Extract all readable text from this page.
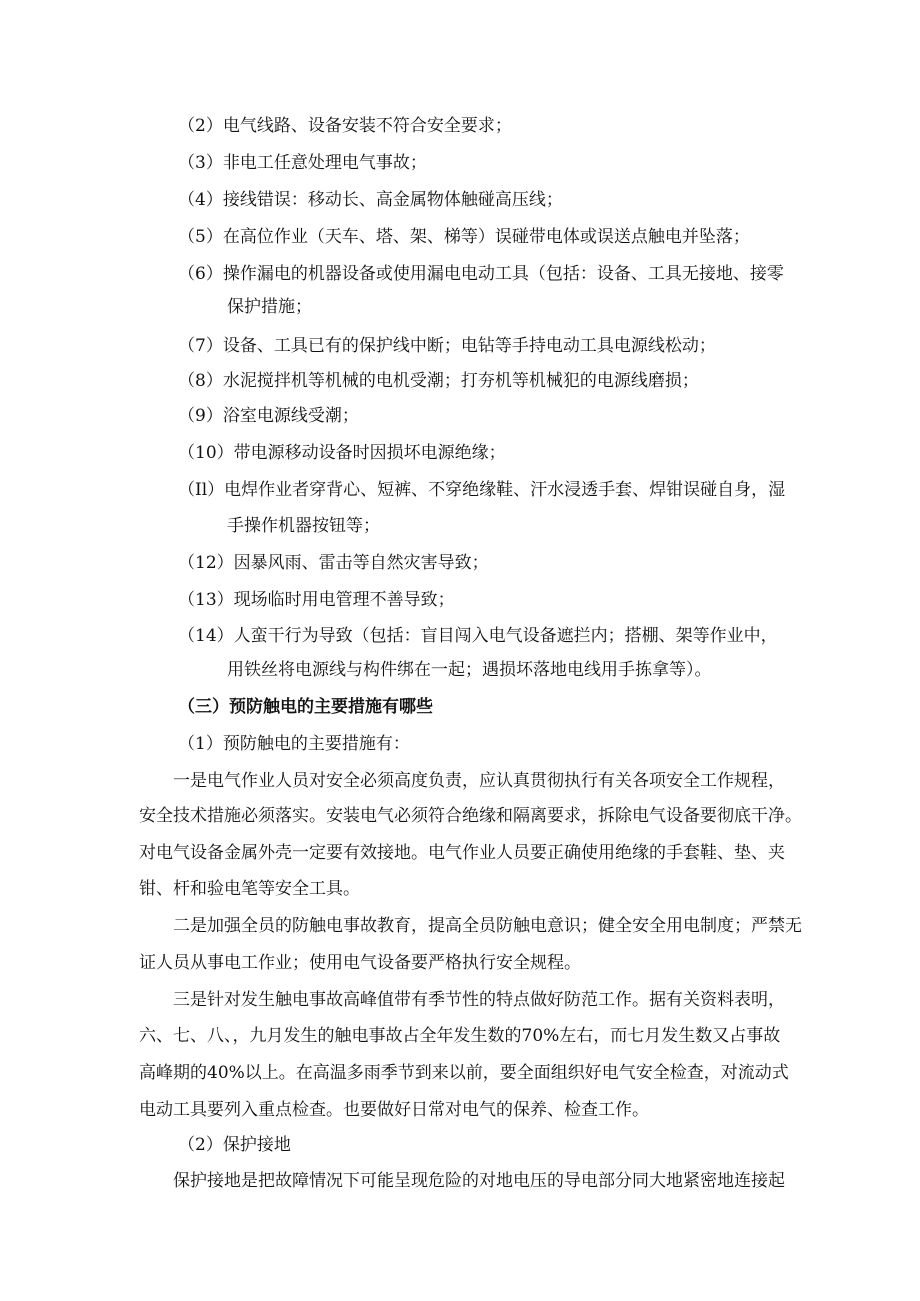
（2）电气线路、设备安装不符合安全要求；
（3）非电工任意处理电气事故；
（4）接线错误：移动长、高金属物体触碰高压线；
（5）在高位作业（天车、塔、架、梯等）误碰带电体或误送点触电并坠落；
（6）操作漏电的机器设备或使用漏电电动工具（包括：设备、工具无接地、接零
保护措施；
（7）设备、工具已有的保护线中断；电钻等手持电动工具电源线松动；
（8）水泥搅拌机等机械的电机受潮；打夯机等机械犯的电源线磨损；
（9）浴室电源线受潮；
（10）带电源移动设备时因损坏电源绝缘；
（Il）电焊作业者穿背心、短裤、不穿绝缘鞋、汗水浸透手套、焊钳误碰自身，湿
手操作机器按钮等；
（12）因暴风雨、雷击等自然灾害导致；
（13）现场临时用电管理不善导致；
（14）人蛮干行为导致（包括：盲目闯入电气设备遮拦内；搭棚、架等作业中，
用铁丝将电源线与构件绑在一起；遇损坏落地电线用手拣拿等）。
（三）预防触电的主要措施有哪些
（1）预防触电的主要措施有：
一是电气作业人员对安全必须高度负责，应认真贯彻执行有关各项安全工作规程，
安全技术措施必须落实。安装电气必须符合绝缘和隔离要求，拆除电气设备要彻底干净。
对电气设备金属外壳一定要有效接地。电气作业人员要正确使用绝缘的手套鞋、垫、夹
钳、杆和验电笔等安全工具。
二是加强全员的防触电事故教育，提高全员防触电意识；健全安全用电制度；严禁无
证人员从事电工作业；使用电气设备要严格执行安全规程。
三是针对发生触电事故高峰值带有季节性的特点做好防范工作。据有关资料表明，
六、七、八、，九月发生的触电事故占全年发生数的70%左右，而七月发生数又占事故
高峰期的40%以上。在高温多雨季节到来以前，要全面组织好电气安全检查，对流动式
电动工具要列入重点检查。也要做好日常对电气的保养、检查工作。
（2）保护接地
保护接地是把故障情况下可能呈现危险的对地电压的导电部分同大地紧密地连接起
